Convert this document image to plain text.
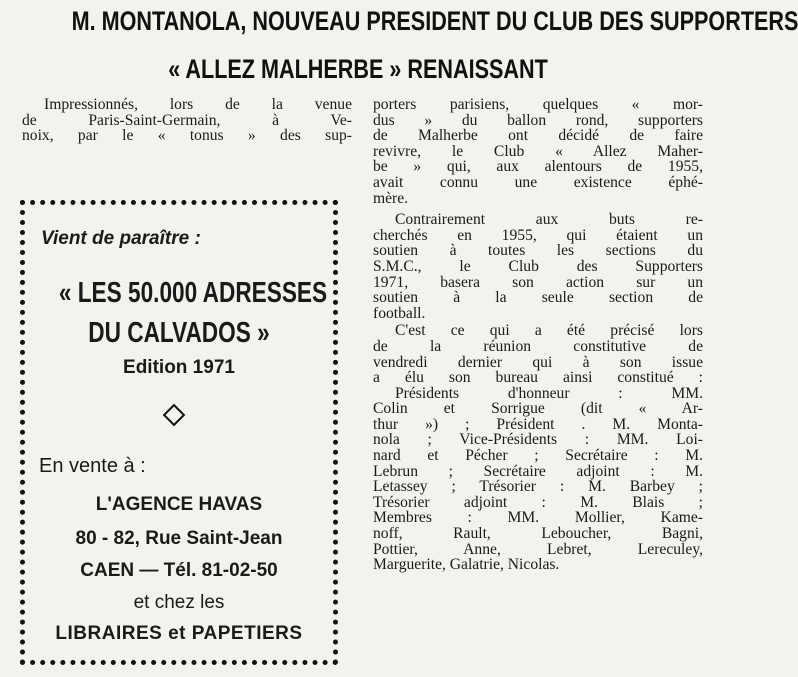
M. MONTANOLA, NOUVEAU PRESIDENT DU CLUB DES SUPPORTERS
« ALLEZ MALHERBE » RENAISSANT
Impressionnés, lors de la venue
de Paris-Saint-Germain, à Ve-
noix, par le « tonus » des sup-
porters parisiens, quelques « mor-
dus » du ballon rond, supporters
de Malherbe ont décidé de faire
revivre, le Club « Allez Maher-
be » qui, aux alentours de 1955,
avait connu une existence éphé-
mère.
Contrairement aux buts re-
cherchés en 1955, qui étaient un
soutien à toutes les sections du
S.M.C., le Club des Supporters
1971, basera son action sur un
soutien à la seule section de
football.
C'est ce qui a été précisé lors
de la réunion constitutive de
vendredi dernier qui à son issue
a élu son bureau ainsi constitué :
Présidents d'honneur : MM.
Colin et Sorrigue (dit « Ar-
thur ») ; Président . M. Monta-
nola ; Vice-Présidents : MM. Loi-
nard et Pécher ; Secrétaire : M.
Lebrun ; Secrétaire adjoint : M.
Letassey ; Trésorier : M. Barbey ;
Trésorier adjoint : M. Blais ;
Membres : MM. Mollier, Kame-
noff, Rault, Leboucher, Bagni,
Pottier, Anne, Lebret, Lereculey,
Marguerite, Galatrie, Nicolas.
Vient de paraître :
« LES 50.000 ADRESSES
DU CALVADOS »
Edition 1971
En vente à :
L'AGENCE HAVAS
80 - 82, Rue Saint-Jean
CAEN — Tél. 81-02-50
et chez les
LIBRAIRES et PAPETIERS
